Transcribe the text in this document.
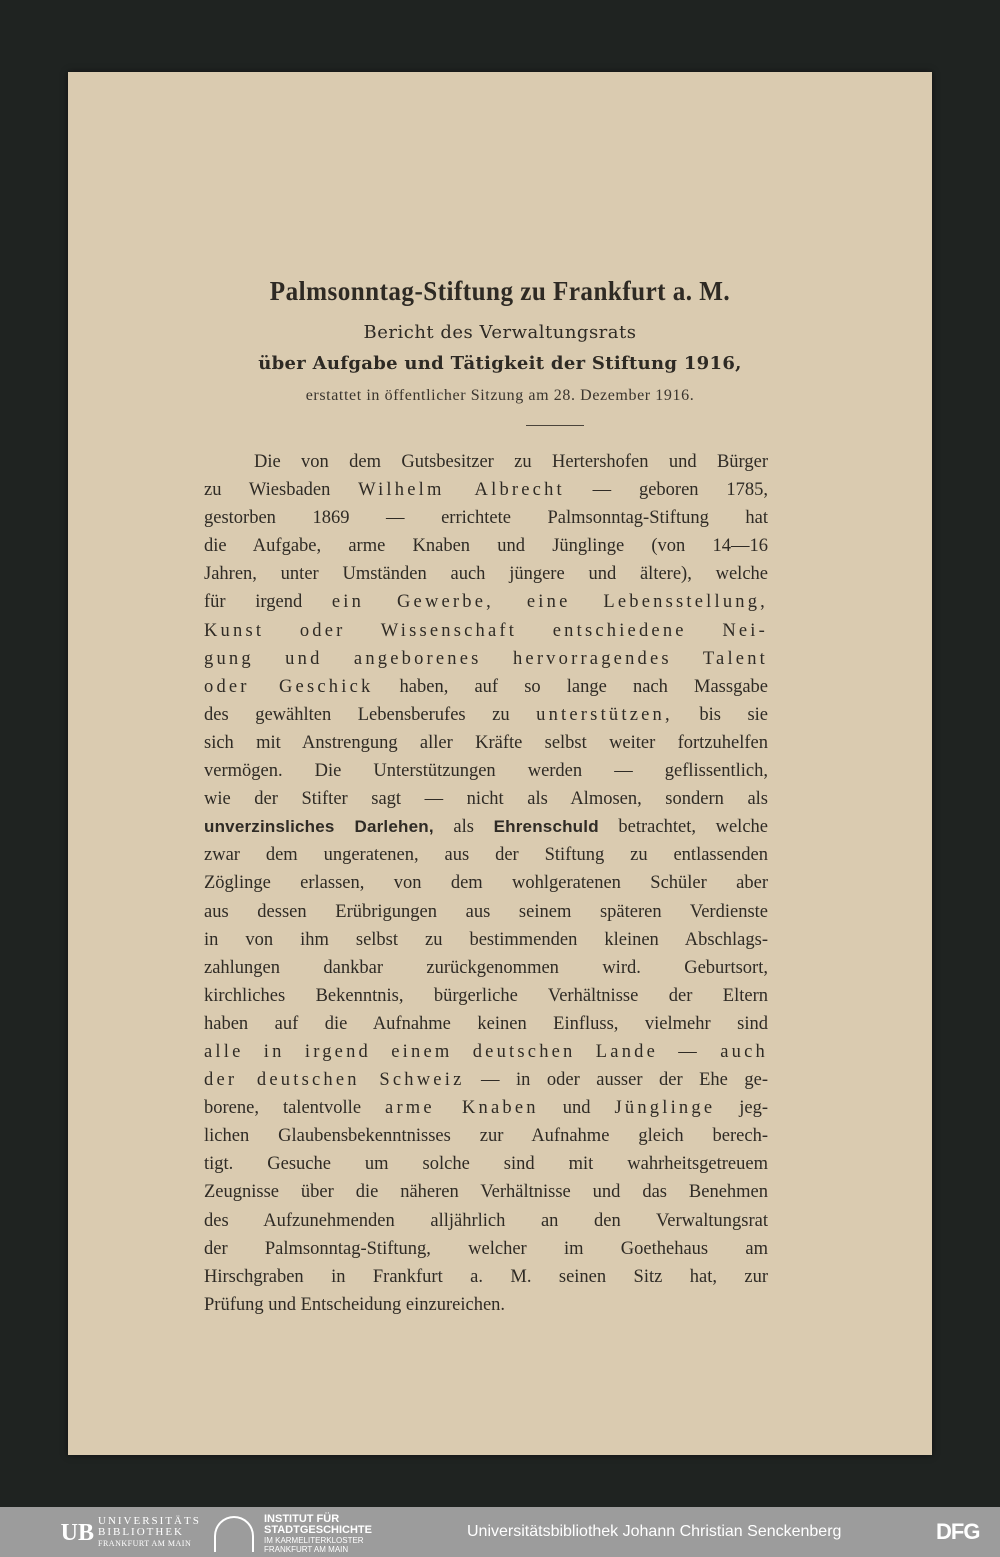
Palmsonntag-Stiftung zu Frankfurt a. M.
Bericht des Verwaltungsrats
über Aufgabe und Tätigkeit der Stiftung 1916,
erstattet in öffentlicher Sitzung am 28. Dezember 1916.
Die von dem Gutsbesitzer zu Hertershofen und Bürger
zu Wiesbaden Wilhelm Albrecht — geboren 1785,
gestorben 1869 — errichtete Palmsonntag-Stiftung hat
die Aufgabe, arme Knaben und Jünglinge (von 14—16
Jahren, unter Umständen auch jüngere und ältere), welche
für irgend ein Gewerbe, eine Lebensstellung,
Kunst oder Wissenschaft entschiedene Nei-
gung und angeborenes hervorragendes Talent
oder Geschick haben, auf so lange nach Massgabe
des gewählten Lebensberufes zu unterstützen, bis sie
sich mit Anstrengung aller Kräfte selbst weiter fortzuhelfen
vermögen. Die Unterstützungen werden — geflissentlich,
wie der Stifter sagt — nicht als Almosen, sondern als
unverzinsliches Darlehen, als Ehrenschuld betrachtet, welche
zwar dem ungeratenen, aus der Stiftung zu entlassenden
Zöglinge erlassen, von dem wohlgeratenen Schüler aber
aus dessen Erübrigungen aus seinem späteren Verdienste
in von ihm selbst zu bestimmenden kleinen Abschlags-
zahlungen dankbar zurückgenommen wird. Geburtsort,
kirchliches Bekenntnis, bürgerliche Verhältnisse der Eltern
haben auf die Aufnahme keinen Einfluss, vielmehr sind
alle in irgend einem deutschen Lande — auch
der deutschen Schweiz — in oder ausser der Ehe ge-
borene, talentvolle arme Knaben und Jünglinge jeg-
lichen Glaubensbekenntnisses zur Aufnahme gleich berech-
tigt. Gesuche um solche sind mit wahrheitsgetreuem
Zeugnisse über die näheren Verhältnisse und das Benehmen
des Aufzunehmenden alljährlich an den Verwaltungsrat
der Palmsonntag-Stiftung, welcher im Goethehaus am
Hirschgraben in Frankfurt a. M. seinen Sitz hat, zur
Prüfung und Entscheidung einzureichen.
UB UNIVERSITÄTS
BIBLIOTHEK
FRANKFURT AM MAIN
INSTITUT FÜR
STADTGESCHICHTE
IM KARMELITERKLOSTER
FRANKFURT AM MAIN
Universitätsbibliothek Johann Christian Senckenberg	DFG
